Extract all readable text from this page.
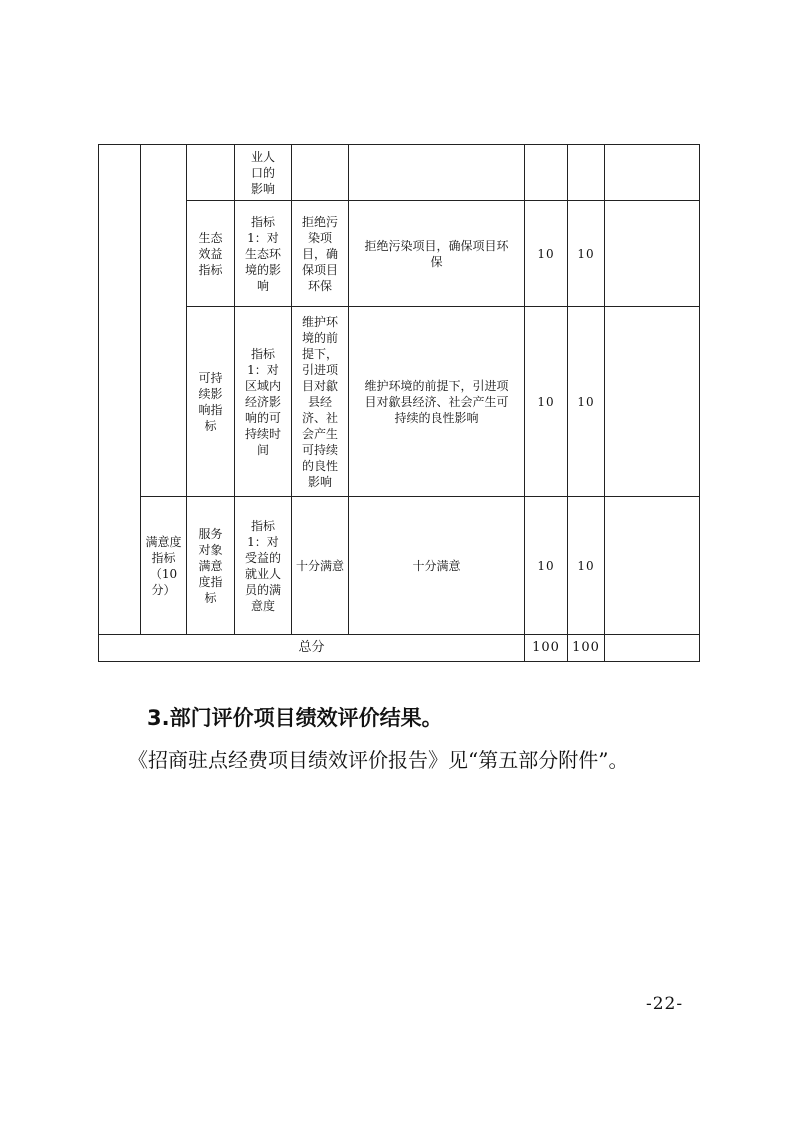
			业人口的影响					

		生态效益指标	指标1：对生态环境的影响	拒绝污染项目，确保项目环保	拒绝污染项目，确保项目环保	10	10	

		可持续影响指标	指标1：对区域内经济影响的可持续时间	维护环境的前提下，引进项目对歙县经济、社会产生可持续的良性影响	维护环境的前提下，引进项目对歙县经济、社会产生可持续的良性影响	10	10	

	满意度指标（10分）	服务对象满意度指标	指标1：对受益的就业人员的满意度	十分满意	十分满意	10	10	
总分						100	100	
3.部门评价项目绩效评价结果。

《招商驻点经费项目绩效评价报告》见“第五部分附件”。

-22-
